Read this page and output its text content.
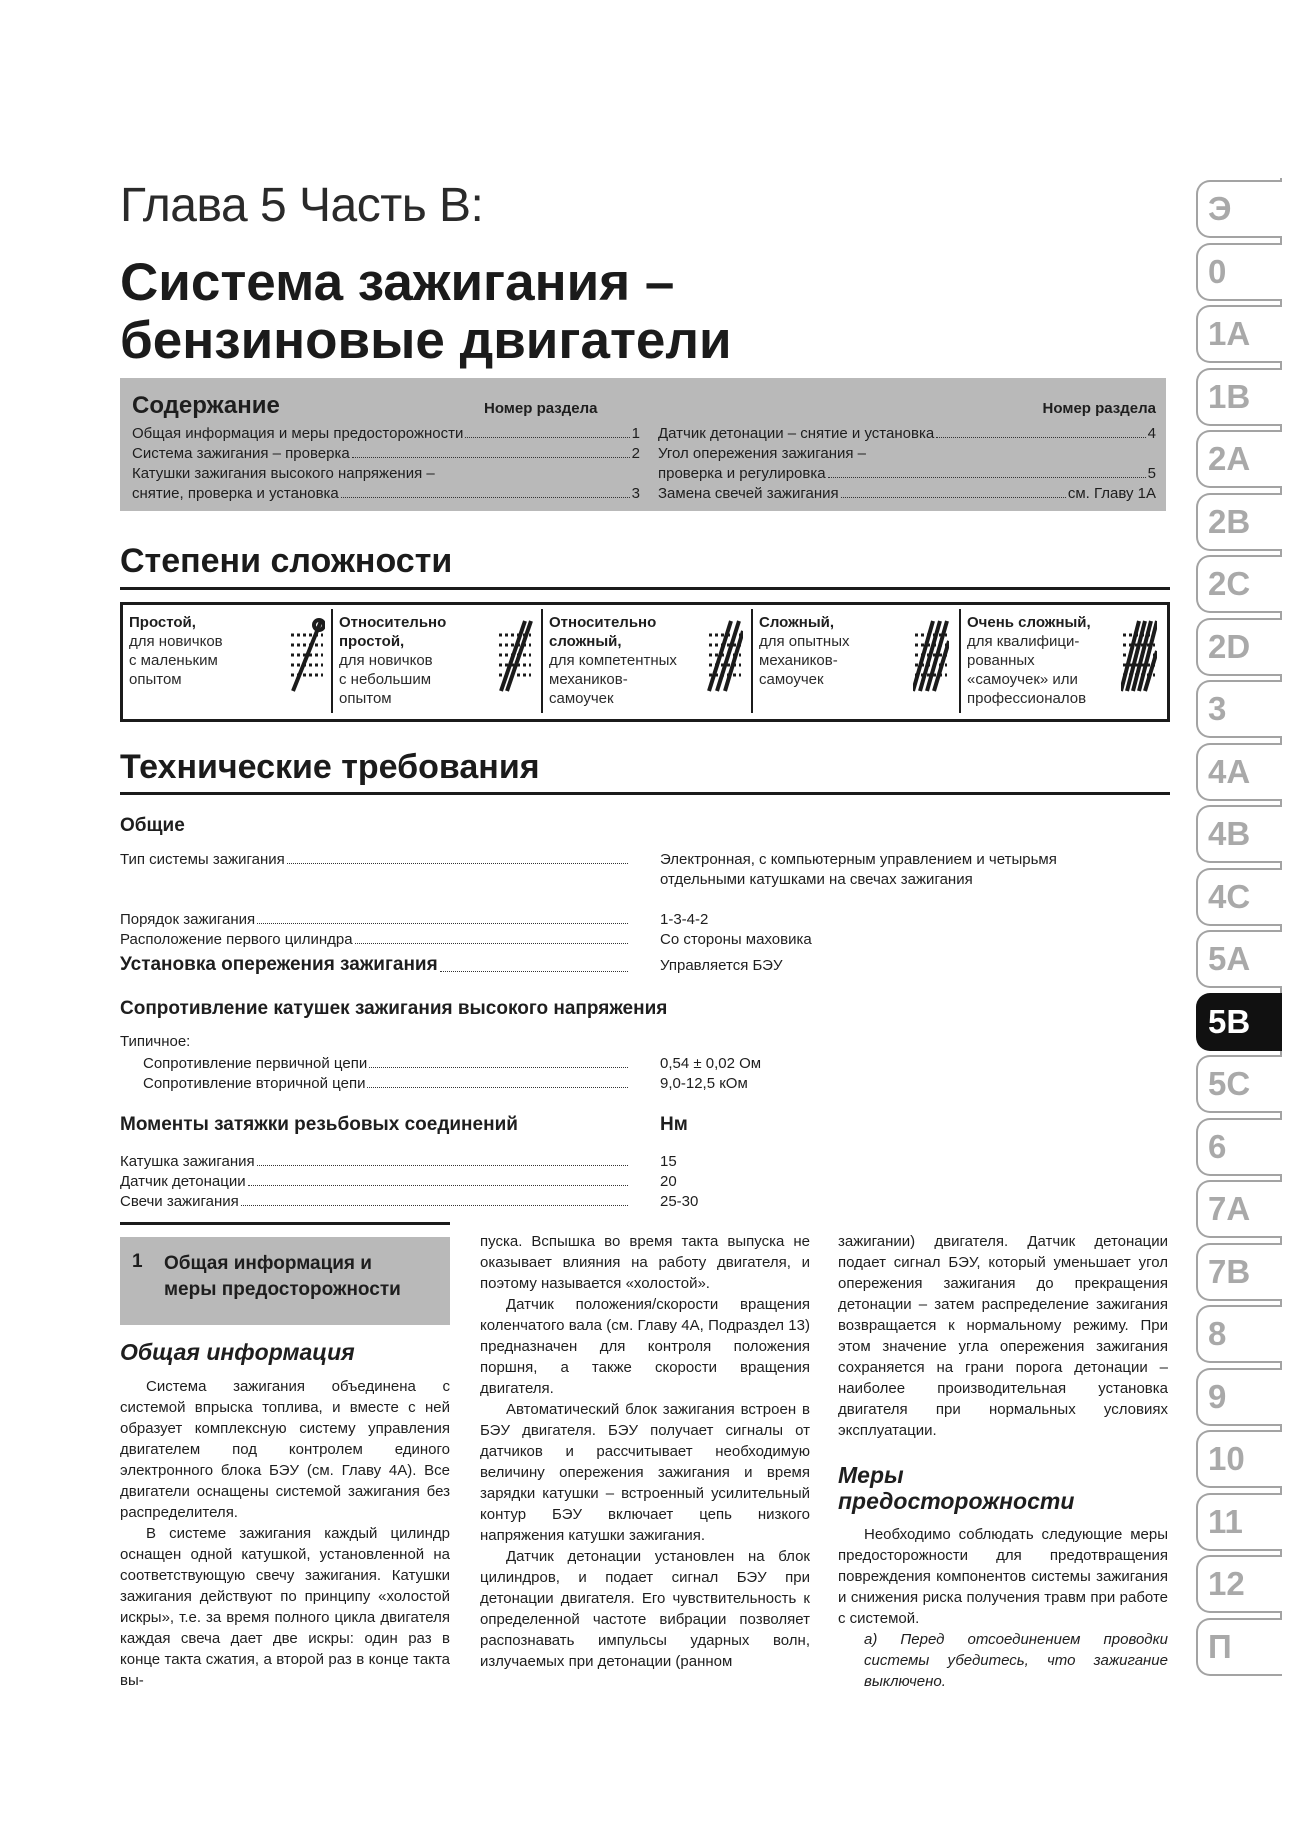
Глава 5 Часть B:
Система зажигания –
бензиновые двигатели
Содержание	Номер раздела	Номер раздела
Общая информация и меры предосторожности	1
Система зажигания – проверка	2
Катушки зажигания высокого напряжения –
снятие, проверка и установка	3
Датчик детонации – снятие и установка	4
Угол опережения зажигания –
проверка и регулировка	5
Замена свечей зажигания	см. Главу 1А
Степени сложности
Простой,
для новичков
с маленьким
опытом
Относительно простой,
для новичков
с небольшим
опытом
Относительно сложный,
для компетентных
механиков-
самоучек
Сложный,
для опытных
механиков-
самоучек
Очень сложный,
для квалифици-
рованных
«самоучек» или
профессионалов
Технические требования
Общие
Тип системы зажигания	Электронная, с компьютерным управлением и четырьмя
отдельными катушками на свечах зажигания
Порядок зажигания	1-3-4-2
Расположение первого цилиндра	Со стороны маховика
Установка опережения зажигания	Управляется БЭУ
Сопротивление катушек зажигания высокого напряжения
Типичное:
Сопротивление первичной цепи	0,54 ± 0,02 Ом
Сопротивление вторичной цепи	9,0-12,5 кОм
Моменты затяжки резьбовых соединений	Нм
Катушка зажигания	15
Датчик детонации	20
Свечи зажигания	25-30
1 Общая информация и
меры предосторожности
Общая информация

Система зажигания объединена с системой впрыска топлива, и вместе с ней образует комплексную систему управления двигателем под контролем единого электронного блока БЭУ (см. Главу 4А). Все двигатели оснащены системой зажигания без распределителя.

В системе зажигания каждый цилиндр оснащен одной катушкой, установленной на соответствующую свечу зажигания. Катушки зажигания действуют по принципу «холостой искры», т.е. за время полного цикла двигателя каждая свеча дает две искры: один раз в конце такта сжатия, а второй раз в конце такта вы-

пуска. Вспышка во время такта выпуска не оказывает влияния на работу двигателя, и поэтому называется «холостой».

Датчик положения/скорости вращения коленчатого вала (см. Главу 4А, Подраздел 13) предназначен для контроля положения поршня, а также скорости вращения двигателя.

Автоматический блок зажигания встроен в БЭУ двигателя. БЭУ получает сигналы от датчиков и рассчитывает необходимую величину опережения зажигания и время зарядки катушки – встроенный усилительный контур БЭУ включает цепь низкого напряжения катушки зажигания.

Датчик детонации установлен на блок цилиндров, и подает сигнал БЭУ при детонации двигателя. Его чувствительность к определенной частоте вибрации позволяет распознавать импульсы ударных волн, излучаемых при детонации (ранном

зажигании) двигателя. Датчик детонации подает сигнал БЭУ, который уменьшает угол опережения зажигания до прекращения детонации – затем распределение зажигания возвращается к нормальному режиму. При этом значение угла опережения зажигания сохраняется на грани порога детонации – наиболее производительная установка двигателя при нормальных условиях эксплуатации.

Меры
предосторожности

Необходимо соблюдать следующие меры предосторожности для предотвращения повреждения компонентов системы зажигания и снижения риска получения травм при работе с системой.

а) Перед отсоединением проводки системы убедитесь, что зажигание выключено.

Э
0
1A
1B
2A
2B
2C
2D
3
4A
4B
4C
5A
5B
5C
6
7A
7B
8
9
10
11
12
П
